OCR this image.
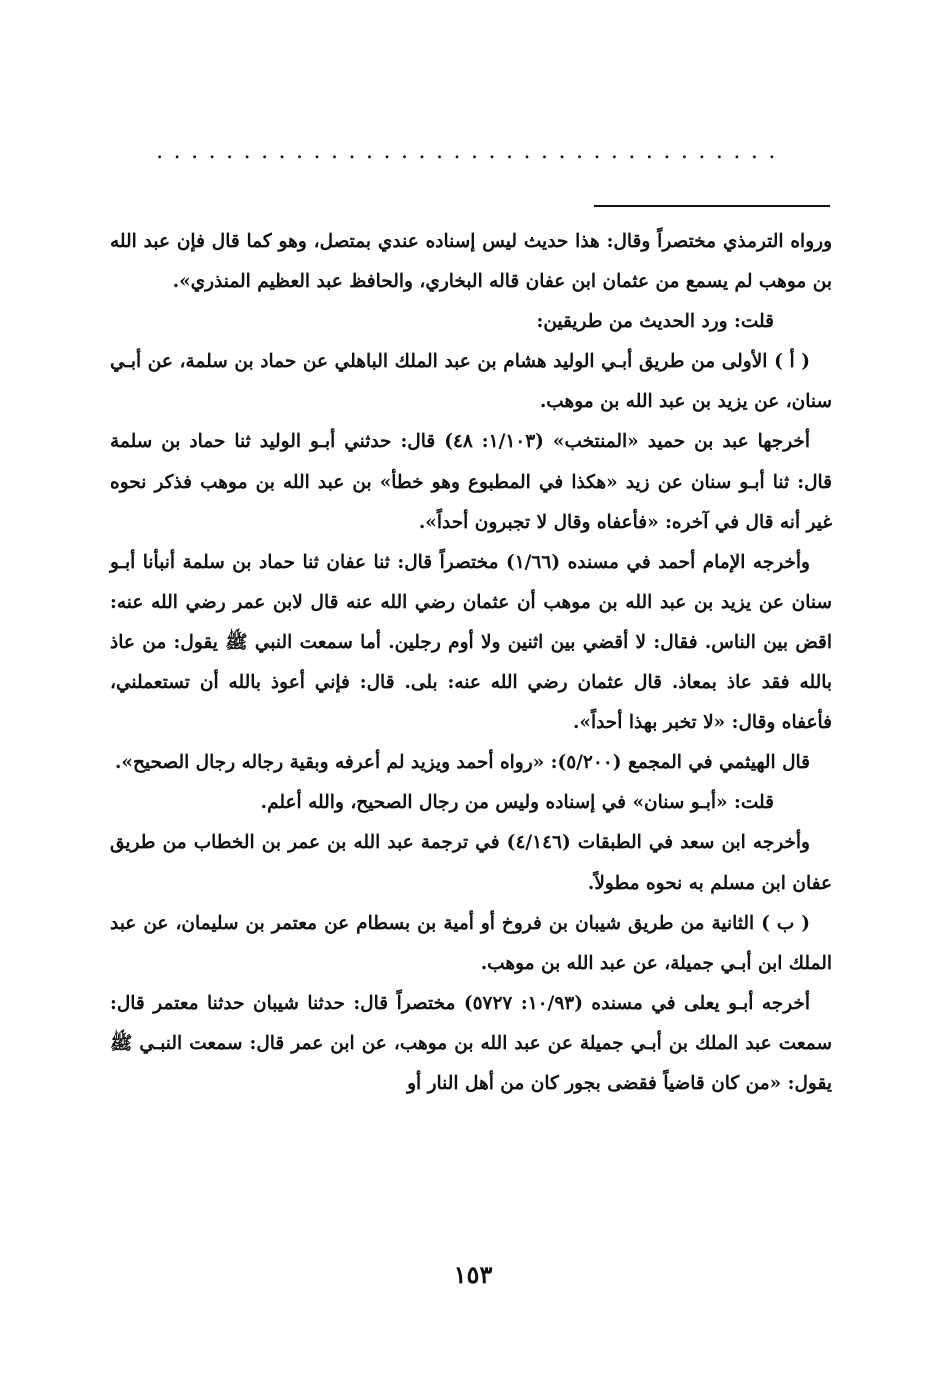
....................................

ورواه الترمذي مختصراً وقال: هذا حديث ليس إسناده عندي بمتصل، وهو كما قال فإن عبد الله بن موهب لم يسمع من عثمان ابن عفان قاله البخاري، والحافظ عبد العظيم المنذري».

قلت: ورد الحديث من طريقين:

( أ ) الأولى من طريق أبـي الوليد هشام بن عبد الملك الباهلي عن حماد بن سلمة، عن أبـي سنان، عن يزيد بن عبد الله بن موهب.

أخرجها عبد بن حميد «المنتخب» (١/١٠٣: ٤٨) قال: حدثني أبـو الوليد ثنا حماد بن سلمة قال: ثنا أبـو سنان عن زيد «هكذا في المطبوع وهو خطأ» بن عبد الله بن موهب فذكر نحوه غير أنه قال في آخره: «فأعفاه وقال لا تجبرون أحداً».

وأخرجه الإمام أحمد في مسنده (١/٦٦) مختصراً قال: ثنا عفان ثنا حماد بن سلمة أنبأنا أبـو سنان عن يزيد بن عبد الله بن موهب أن عثمان رضي الله عنه قال لابن عمر رضي الله عنه: اقض بين الناس. فقال: لا أقضي بين اثنين ولا أوم رجلين. أما سمعت النبي ﷺ يقول: من عاذ بالله فقد عاذ بمعاذ. قال عثمان رضي الله عنه: بلى. قال: فإني أعوذ بالله أن تستعملني، فأعفاه وقال: «لا تخبر بهذا أحداً».

قال الهيثمي في المجمع (٥/٢٠٠): «رواه أحمد ويزيد لم أعرفه وبقية رجاله رجال الصحيح».

قلت: «أبـو سنان» في إسناده وليس من رجال الصحيح، والله أعلم.

وأخرجه ابن سعد في الطبقات (٤/١٤٦) في ترجمة عبد الله بن عمر بن الخطاب من طريق عفان ابن مسلم به نحوه مطولاً.

( ب ) الثانية من طريق شيبان بن فروخ أو أمية بن بسطام عن معتمر بن سليمان، عن عبد الملك ابن أبـي جميلة، عن عبد الله بن موهب.

أخرجه أبـو يعلى في مسنده (١٠/٩٣: ٥٧٢٧) مختصراً قال: حدثنا شيبان حدثنا معتمر قال: سمعت عبد الملك بن أبـي جميلة عن عبد الله بن موهب، عن ابن عمر قال: سمعت النبـي ﷺ يقول: «من كان قاضياً فقضى بجور كان من أهل النار أو

١٥٣
